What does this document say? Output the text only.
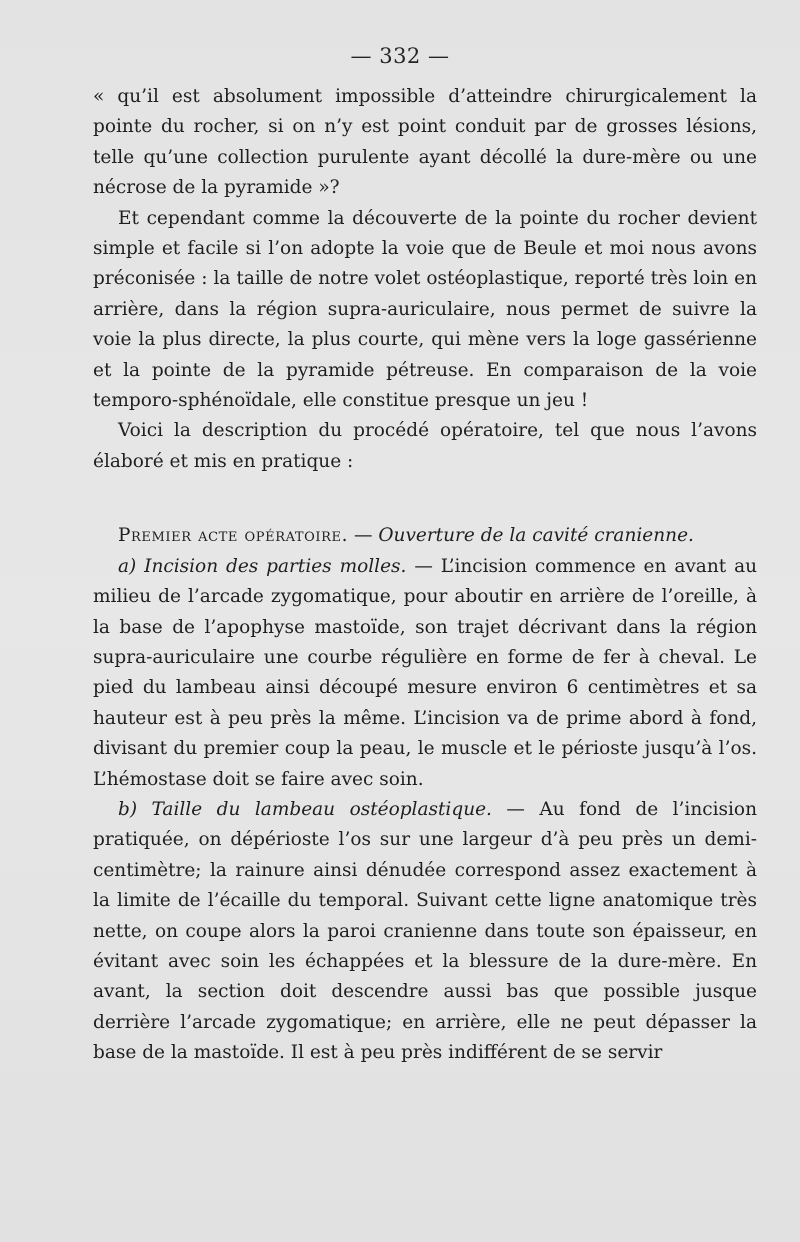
— 332 —

« qu’il est absolument impossible d’atteindre chirurgicalement la pointe du rocher, si on n’y est point conduit par de grosses lésions, telle qu’une collection purulente ayant décollé la dure-mère ou une nécrose de la pyramide »?

Et cependant comme la découverte de la pointe du rocher devient simple et facile si l’on adopte la voie que de Beule et moi nous avons préconisée : la taille de notre volet ostéoplastique, reporté très loin en arrière, dans la région supra-auriculaire, nous permet de suivre la voie la plus directe, la plus courte, qui mène vers la loge gassérienne et la pointe de la pyramide pétreuse. En comparaison de la voie temporo-sphénoïdale, elle constitue presque un jeu !

Voici la description du procédé opératoire, tel que nous l’avons élaboré et mis en pratique :

Premier acte opératoire. — Ouverture de la cavité cranienne.

a) Incision des parties molles. — L’incision commence en avant au milieu de l’arcade zygomatique, pour aboutir en arrière de l’oreille, à la base de l’apophyse mastoïde, son trajet décrivant dans la région supra-auriculaire une courbe régulière en forme de fer à cheval. Le pied du lambeau ainsi découpé mesure environ 6 centimètres et sa hauteur est à peu près la même. L’incision va de prime abord à fond, divisant du premier coup la peau, le muscle et le périoste jusqu’à l’os. L’hémostase doit se faire avec soin.

b) Taille du lambeau ostéoplastique. — Au fond de l’incision pratiquée, on dépérioste l’os sur une largeur d’à peu près un demi-centimètre; la rainure ainsi dénudée correspond assez exactement à la limite de l’écaille du temporal. Suivant cette ligne anatomique très nette, on coupe alors la paroi cranienne dans toute son épaisseur, en évitant avec soin les échappées et la blessure de la dure-mère. En avant, la section doit descendre aussi bas que possible jusque derrière l’arcade zygomatique; en arrière, elle ne peut dépasser la base de la mastoïde. Il est à peu près indifférent de se servir
